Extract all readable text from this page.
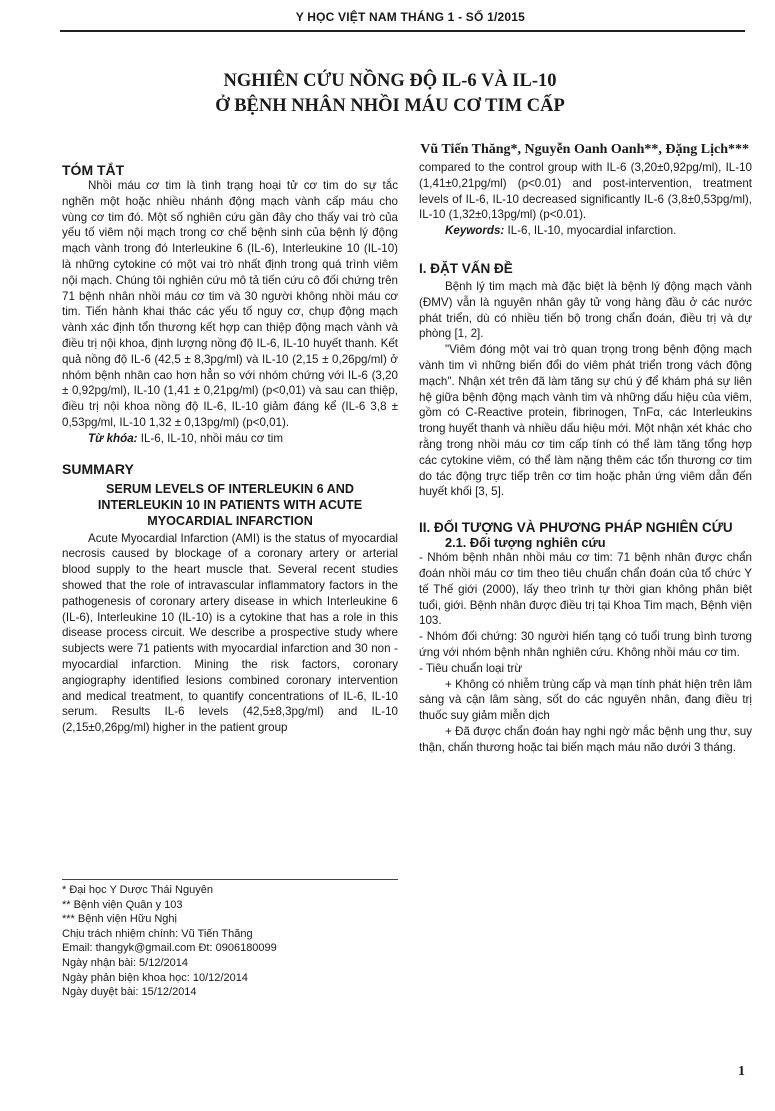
Y HỌC VIỆT NAM THÁNG 1 - SỐ 1/2015
NGHIÊN CỨU NỒNG ĐỘ IL-6 VÀ IL-10
Ở BỆNH NHÂN NHỒI MÁU CƠ TIM CẤP
Vũ Tiến Thăng*, Nguyễn Oanh Oanh**, Đặng Lịch***
TÓM TẮT

Nhồi máu cơ tim là tình trạng hoại tử cơ tim do sự tắc nghẽn một hoặc nhiều nhánh động mạch vành cấp máu cho vùng cơ tim đó. Một số nghiên cứu gần đây cho thấy vai trò của yếu tố viêm nội mạch trong cơ chế bệnh sinh của bệnh lý động mạch vành trong đó Interleukine 6 (IL-6), Interleukine 10 (IL-10) là những cytokine có một vai trò nhất định trong quá trình viêm nội mạch. Chúng tôi nghiên cứu mô tả tiến cứu cô đối chứng trên 71 bệnh nhân nhồi máu cơ tim và 30 người không nhồi máu cơ tim. Tiến hành khai thác các yếu tố nguy cơ, chụp động mạch vành xác định tổn thương kết hợp can thiệp động mạch vành và điều trị nội khoa, định lượng nồng độ IL-6, IL-10 huyết thanh. Kết quả nồng độ IL-6 (42,5 ± 8,3pg/ml) và IL-10 (2,15 ± 0,26pg/ml) ở nhóm bệnh nhân cao hơn hẳn so với nhóm chứng với IL-6 (3,20 ± 0,92pg/ml), IL-10 (1,41 ± 0,21pg/ml) (p<0,01) và sau can thiệp, điều trị nội khoa nồng độ IL-6, IL-10 giảm đáng kể (IL-6 3,8 ± 0,53pg/ml, IL-10 1,32 ± 0,13pg/ml) (p<0,01).

Từ khóa: IL-6, IL-10, nhồi máu cơ tim

SUMMARY
SERUM LEVELS OF INTERLEUKIN 6 AND INTERLEUKIN 10 IN PATIENTS WITH ACUTE MYOCARDIAL INFARCTION

Acute Myocardial Infarction (AMI) is the status of myocardial necrosis caused by blockage of a coronary artery or arterial blood supply to the heart muscle that. Several recent studies showed that the role of intravascular inflammatory factors in the pathogenesis of coronary artery disease in which Interleukine 6 (IL-6), Interleukine 10 (IL-10) is a cytokine that has a role in this disease process circuit. We describe a prospective study where subjects were 71 patients with myocardial infarction and 30 non - myocardial infarction. Mining the risk factors, coronary angiography identified lesions combined coronary intervention and medical treatment, to quantify concentrations of IL-6, IL-10 serum. Results IL-6 levels (42,5±8,3pg/ml) and IL-10 (2,15±0,26pg/ml) higher in the patient group

* Đại học Y Dược Thái Nguyên
** Bệnh viện Quân y 103
*** Bệnh viện Hữu Nghị
Chịu trách nhiệm chính: Vũ Tiến Thăng
Email: thangyk@gmail.com Đt: 0906180099
Ngày nhận bài: 5/12/2014
Ngày phản biện khoa học: 10/12/2014
Ngày duyệt bài: 15/12/2014

compared to the control group with IL-6 (3,20±0,92pg/ml), IL-10 (1,41±0,21pg/ml) (p<0.01) and post-intervention, treatment levels of IL-6, IL-10 decreased significantly IL-6 (3,8±0,53pg/ml), IL-10 (1,32±0,13pg/ml) (p<0.01).

Keywords: IL-6, IL-10, myocardial infarction.

I. ĐẶT VẤN ĐỀ

Bệnh lý tim mạch mà đặc biệt là bệnh lý động mạch vành (ĐMV) vẫn là nguyên nhân gây tử vong hàng đầu ở các nước phát triển, dù có nhiều tiến bộ trong chẩn đoán, điều trị và dự phòng [1, 2].

"Viêm đóng một vai trò quan trọng trong bệnh động mạch vành tim vì những biến đổi do viêm phát triển trong vách động mạch". Nhận xét trên đã làm tăng sự chú ý để khám phá sự liên hệ giữa bệnh động mạch vành tim và những dấu hiệu của viêm, gồm có C-Reactive protein, fibrinogen, TnFα, các Interleukins trong huyết thanh và nhiều dấu hiệu mới. Một nhận xét khác cho rằng trong nhồi máu cơ tim cấp tính có thể làm tăng tổng hợp các cytokine viêm, có thể làm nặng thêm các tổn thương cơ tim do tác động trực tiếp trên cơ tim hoặc phản ứng viêm dẫn đến huyết khối [3, 5].

II. ĐỐI TƯỢNG VÀ PHƯƠNG PHÁP NGHIÊN CỨU
2.1. Đối tượng nghiên cứu

- Nhóm bệnh nhân nhồi máu cơ tim: 71 bệnh nhân được chẩn đoán nhồi máu cơ tim theo tiêu chuẩn chẩn đoán của tổ chức Y tế Thế giới (2000), lấy theo trình tự thời gian không phân biệt tuổi, giới. Bệnh nhân được điều trị tại Khoa Tim mạch, Bệnh viện 103.

- Nhóm đối chứng: 30 người hiến tạng có tuổi trung bình tương ứng với nhóm bệnh nhân nghiên cứu. Không nhồi máu cơ tim.

- Tiêu chuẩn loại trừ

+ Không có nhiễm trùng cấp và mạn tính phát hiện trên lâm sàng và cận lâm sàng, sốt do các nguyên nhân, đang điều trị thuốc suy giảm miễn dịch

+ Đã được chẩn đoán hay nghi ngờ mắc bệnh ung thư, suy thận, chấn thương hoặc tai biến mạch máu não dưới 3 tháng.

1
